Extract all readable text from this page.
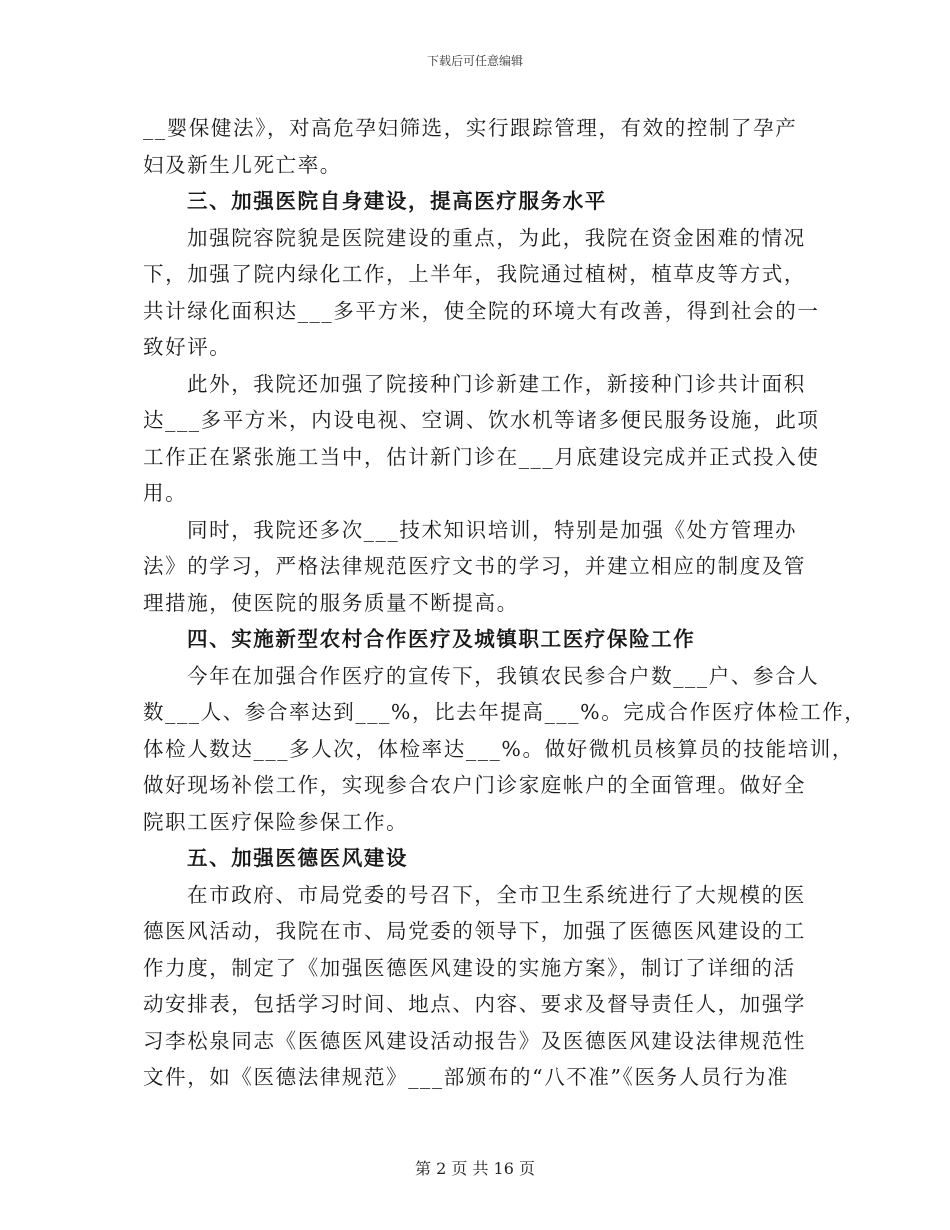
下载后可任意编辑
__婴保健法》，对高危孕妇筛选，实行跟踪管理，有效的控制了孕产
妇及新生儿死亡率。
三、加强医院自身建设，提高医疗服务水平
加强院容院貌是医院建设的重点，为此，我院在资金困难的情况
下，加强了院内绿化工作，上半年，我院通过植树，植草皮等方式，
共计绿化面积达___多平方米，使全院的环境大有改善，得到社会的一
致好评。
此外，我院还加强了院接种门诊新建工作，新接种门诊共计面积
达___多平方米，内设电视、空调、饮水机等诸多便民服务设施，此项
工作正在紧张施工当中，估计新门诊在___月底建设完成并正式投入使
用。
同时，我院还多次___技术知识培训，特别是加强《处方管理办
法》的学习，严格法律规范医疗文书的学习，并建立相应的制度及管
理措施，使医院的服务质量不断提高。
四、实施新型农村合作医疗及城镇职工医疗保险工作
今年在加强合作医疗的宣传下，我镇农民参合户数___户、参合人
数___人、参合率达到___%，比去年提高___%。完成合作医疗体检工作，
体检人数达___多人次，体检率达___%。做好微机员核算员的技能培训，
做好现场补偿工作，实现参合农户门诊家庭帐户的全面管理。做好全
院职工医疗保险参保工作。
五、加强医德医风建设
在市政府、市局党委的号召下，全市卫生系统进行了大规模的医
德医风活动，我院在市、局党委的领导下，加强了医德医风建设的工
作力度，制定了《加强医德医风建设的实施方案》，制订了详细的活
动安排表，包括学习时间、地点、内容、要求及督导责任人，加强学
习李松泉同志《医德医风建设活动报告》及医德医风建设法律规范性
文件，如《医德法律规范》___部颁布的“八不准”《医务人员行为准
第 2 页 共 16 页
